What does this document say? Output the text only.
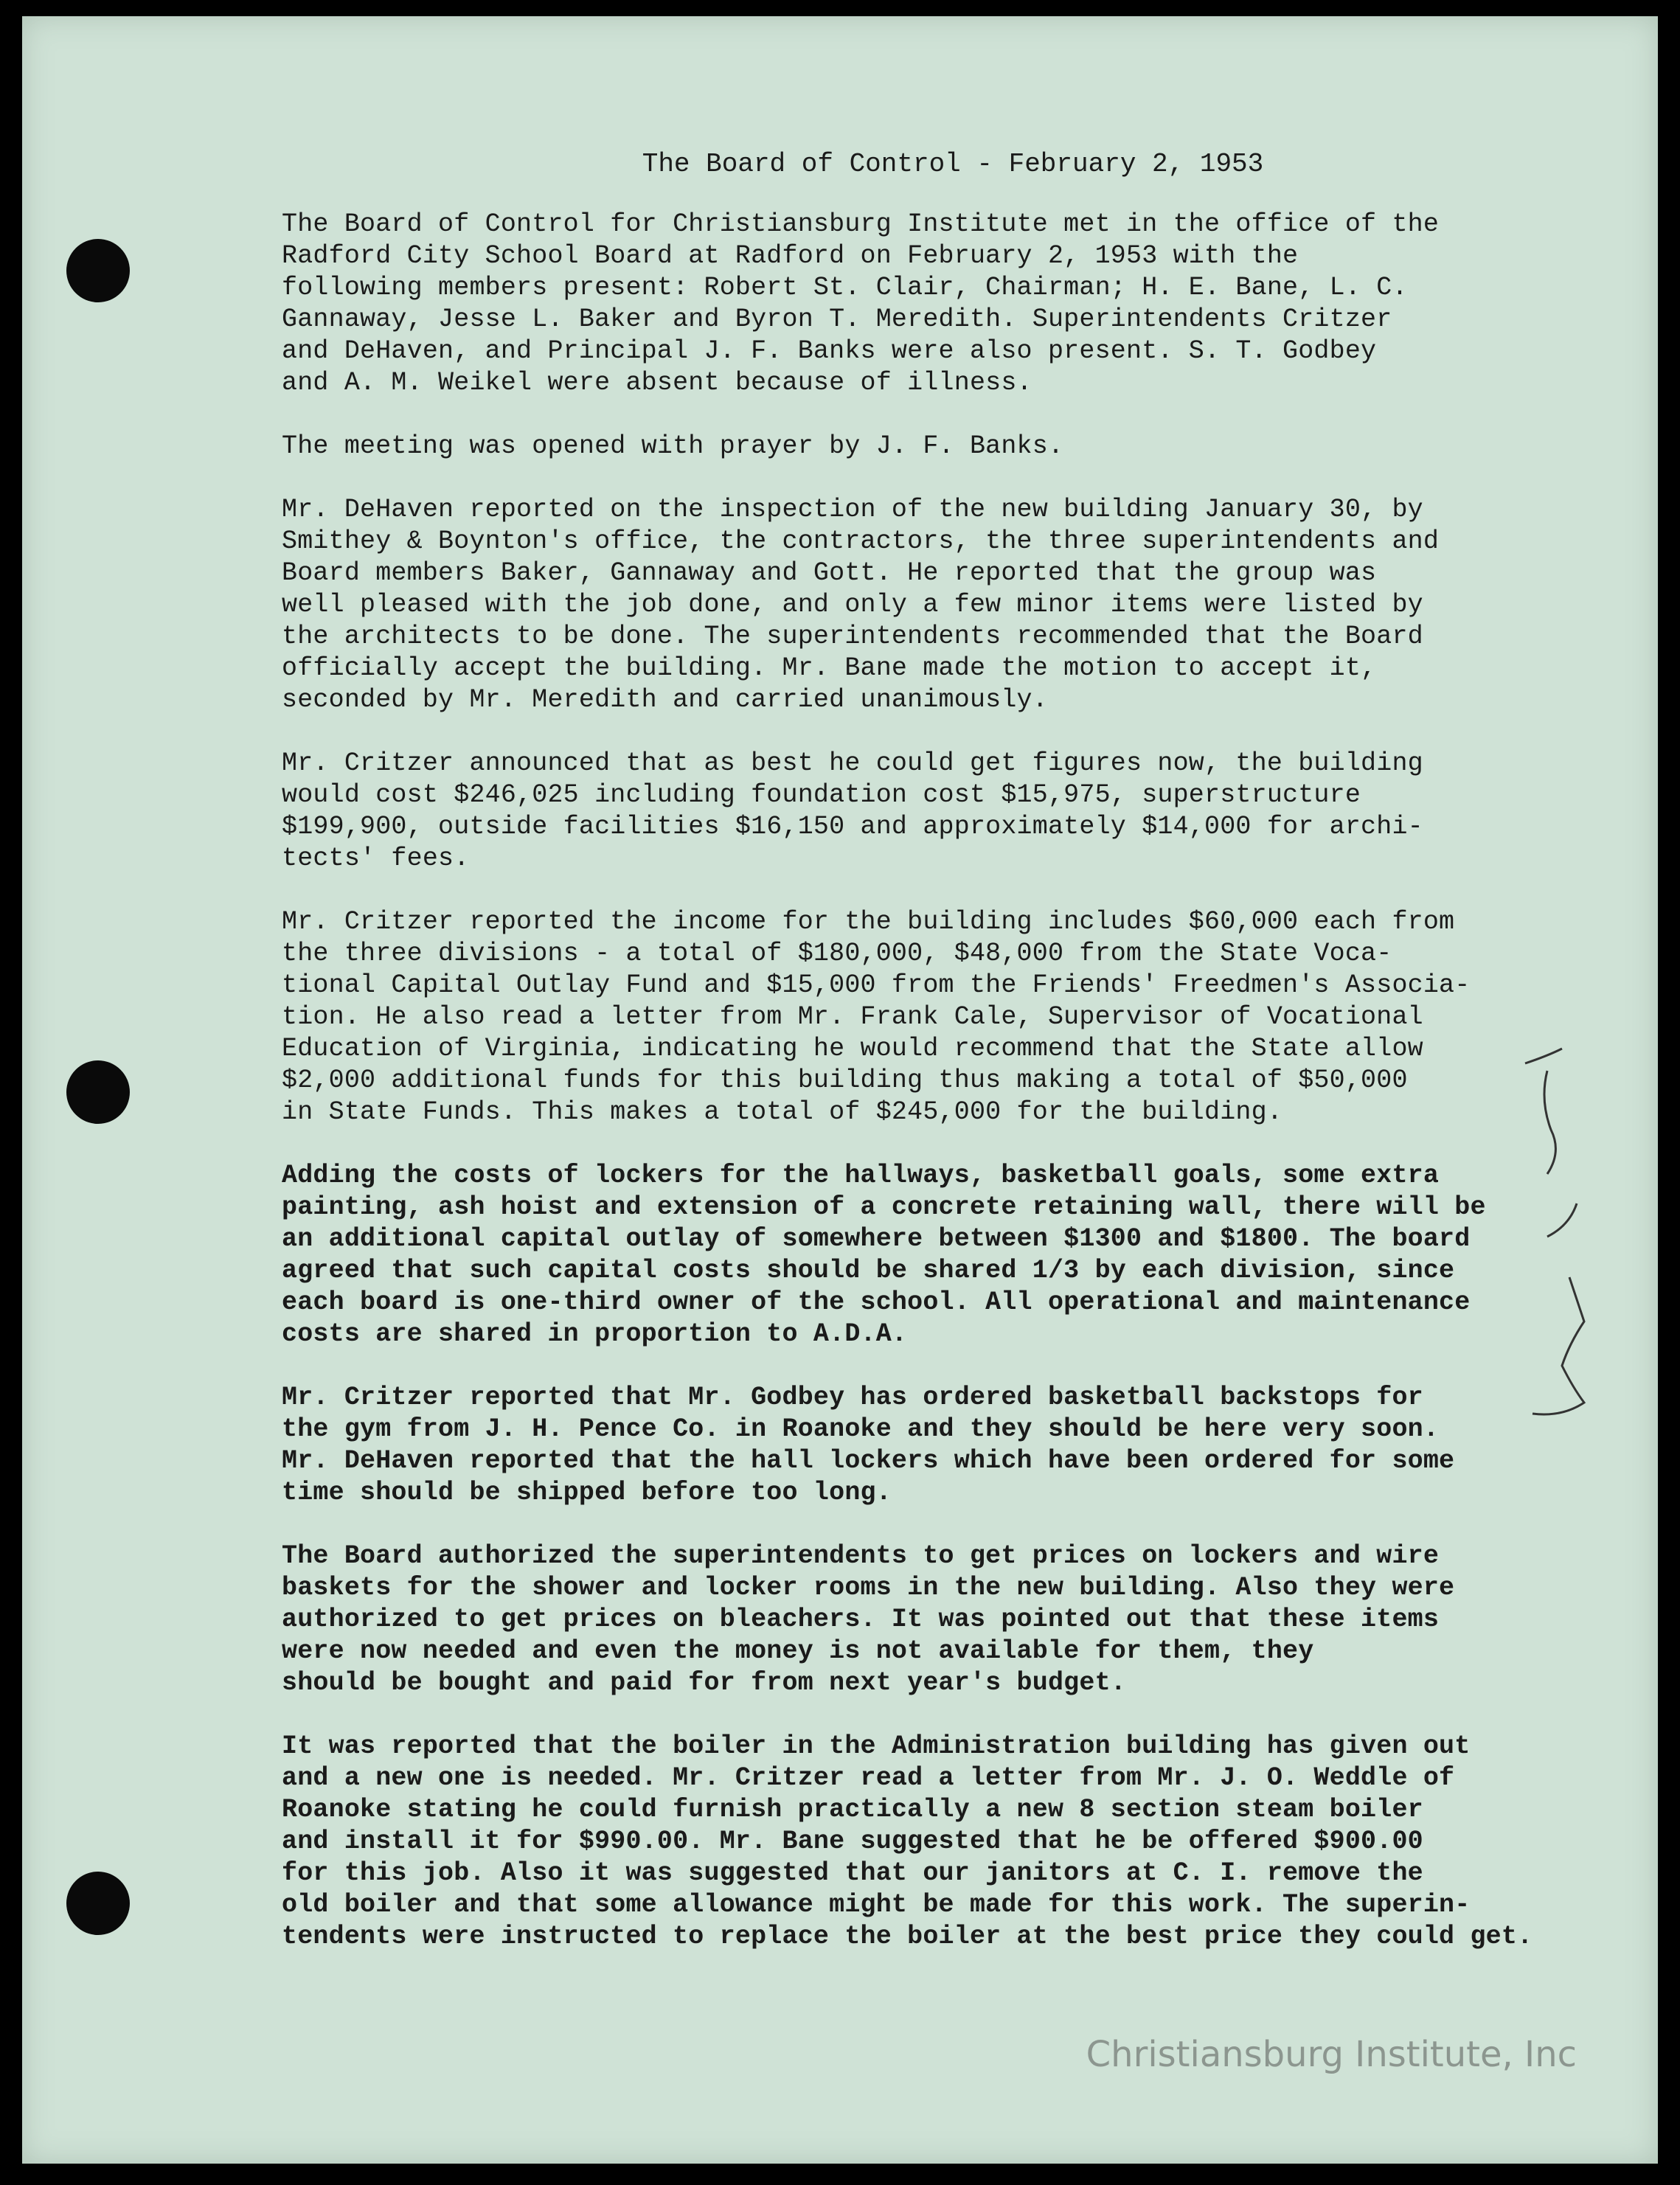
The Board of Control - February 2, 1953
The Board of Control for Christiansburg Institute met in the office of the
Radford City School Board at Radford on February 2, 1953 with the
following members present: Robert St. Clair, Chairman; H. E. Bane, L. C.
Gannaway, Jesse L. Baker and Byron T. Meredith. Superintendents Critzer
and DeHaven, and Principal J. F. Banks were also present. S. T. Godbey
and A. M. Weikel were absent because of illness.
The meeting was opened with prayer by J. F. Banks.
Mr. DeHaven reported on the inspection of the new building January 30, by
Smithey & Boynton's office, the contractors, the three superintendents and
Board members Baker, Gannaway and Gott. He reported that the group was
well pleased with the job done, and only a few minor items were listed by
the architects to be done. The superintendents recommended that the Board
officially accept the building. Mr. Bane made the motion to accept it,
seconded by Mr. Meredith and carried unanimously.
Mr. Critzer announced that as best he could get figures now, the building
would cost $246,025 including foundation cost $15,975, superstructure
$199,900, outside facilities $16,150 and approximately $14,000 for archi-
tects' fees.
Mr. Critzer reported the income for the building includes $60,000 each from
the three divisions - a total of $180,000, $48,000 from the State Voca-
tional Capital Outlay Fund and $15,000 from the Friends' Freedmen's Associa-
tion. He also read a letter from Mr. Frank Cale, Supervisor of Vocational
Education of Virginia, indicating he would recommend that the State allow
$2,000 additional funds for this building thus making a total of $50,000
in State Funds. This makes a total of $245,000 for the building.
Adding the costs of lockers for the hallways, basketball goals, some extra
painting, ash hoist and extension of a concrete retaining wall, there will be
an additional capital outlay of somewhere between $1300 and $1800. The board
agreed that such capital costs should be shared 1/3 by each division, since
each board is one-third owner of the school. All operational and maintenance
costs are shared in proportion to A.D.A.
Mr. Critzer reported that Mr. Godbey has ordered basketball backstops for
the gym from J. H. Pence Co. in Roanoke and they should be here very soon.
Mr. DeHaven reported that the hall lockers which have been ordered for some
time should be shipped before too long.
The Board authorized the superintendents to get prices on lockers and wire
baskets for the shower and locker rooms in the new building. Also they were
authorized to get prices on bleachers. It was pointed out that these items
were now needed and even the money is not available for them, they
should be bought and paid for from next year's budget.
It was reported that the boiler in the Administration building has given out
and a new one is needed. Mr. Critzer read a letter from Mr. J. O. Weddle of
Roanoke stating he could furnish practically a new 8 section steam boiler
and install it for $990.00. Mr. Bane suggested that he be offered $900.00
for this job. Also it was suggested that our janitors at C. I. remove the
old boiler and that some allowance might be made for this work. The superin-
tendents were instructed to replace the boiler at the best price they could get.
Christiansburg Institute, Inc
